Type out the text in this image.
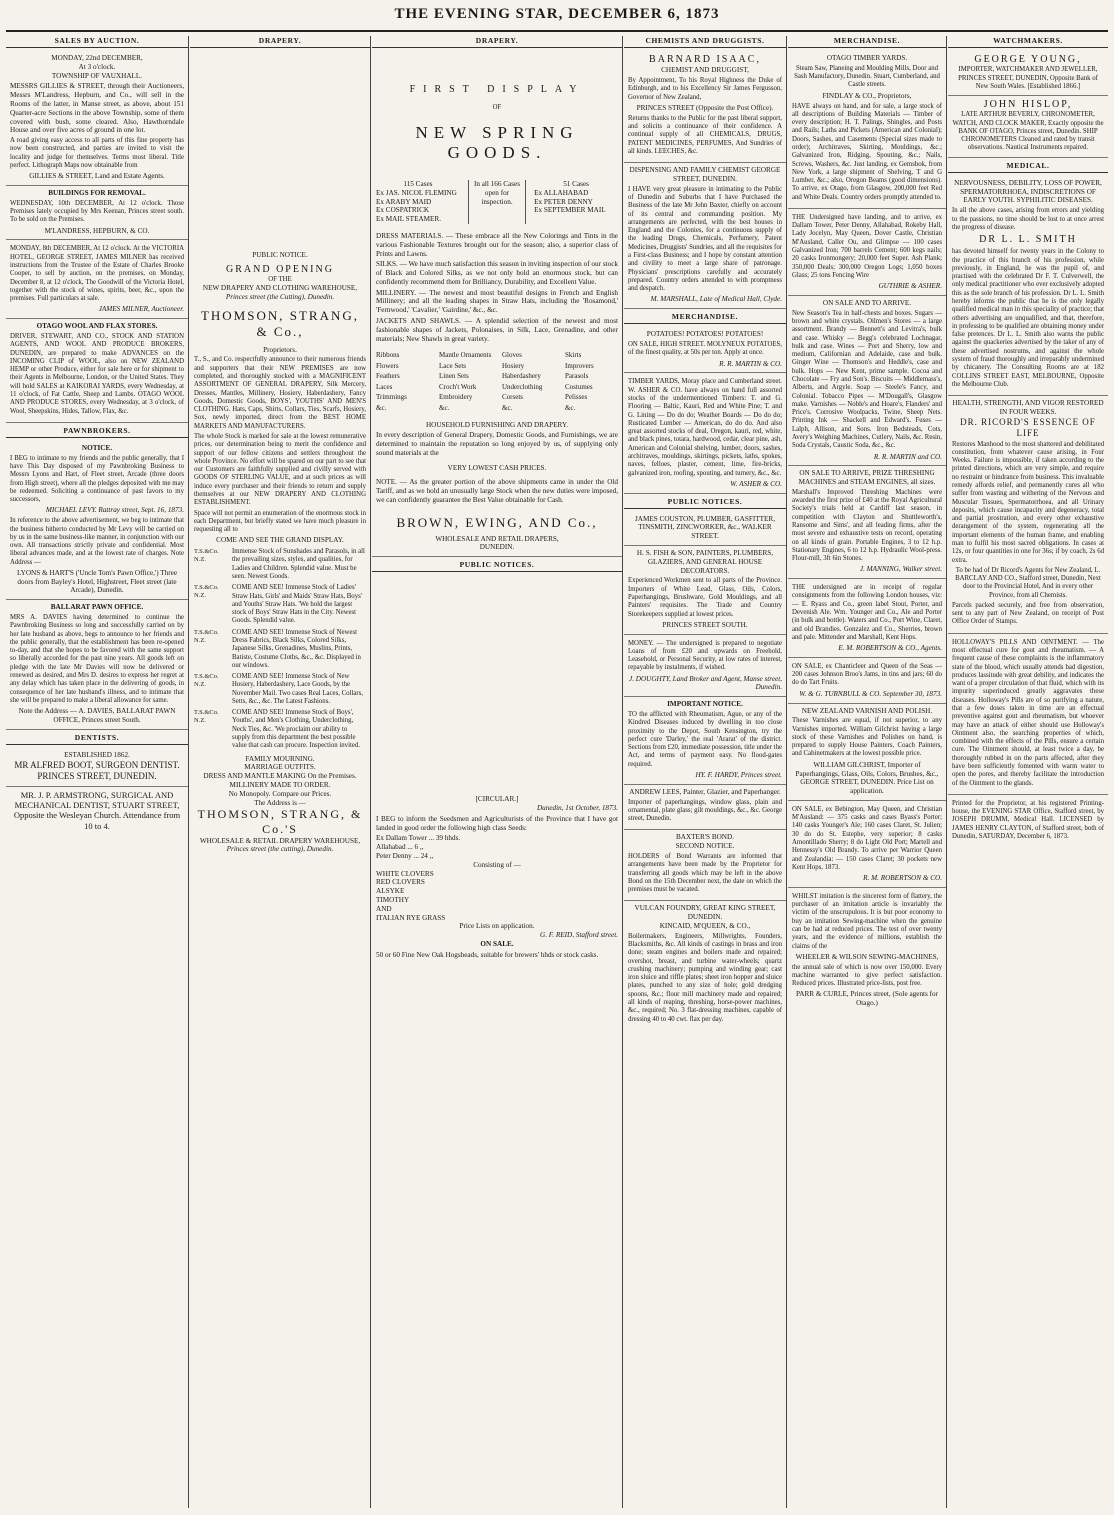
THE EVENING STAR, DECEMBER 6, 1873
SALES BY AUCTION.
MONDAY, 22nd DECEMBER,
At 3 o'clock.
TOWNSHIP OF VAUXHALL.

MESSRS GILLIES & STREET, through their Auctioneers, Messrs M'Landress, Hepburn, and Co., will sell in the Rooms of the latter, in Manse street, as above, about 151 Quarter-acre Sections in the above Township, some of them covered with bush, some cleared. Also, Hawthorndale House and over five acres of ground in one lot.

A road giving easy access to all parts of this fine property has now been constructed, and parties are invited to visit the locality and judge for themselves. Terms most liberal. Title perfect. Lithograph Maps now obtainable from

GILLIES & STREET, Land and Estate Agents.
BUILDINGS FOR REMOVAL.

WEDNESDAY, 10th DECEMBER, At 12 o'clock. Those Premises lately occupied by Mrs Keenan, Princes street south. To be sold on the Premises.

M'LANDRESS, HEPBURN, & CO.

MONDAY, 8th DECEMBER, At 12 o'clock. At the VICTORIA HOTEL, GEORGE STREET, JAMES MILNER has received instructions from the Trustee of the Estate of Charles Brooke Cooper, to sell by auction, on the premises, on Monday, December 8, at 12 o'clock, The Goodwill of the Victoria Hotel, together with the stock of wines, spirits, beer, &c., upon the premises. Full particulars at sale.

JAMES MILNER, Auctioneer.
OTAGO WOOL AND FLAX STORES.

DRIVER, STEWART, AND CO., STOCK AND STATION AGENTS, AND WOOL AND PRODUCE BROKERS, DUNEDIN, are prepared to make ADVANCES on the INCOMING CLIP of WOOL, also on NEW ZEALAND HEMP or other Produce, either for sale here or for shipment to their Agents in Melbourne, London, or the United States. They will hold SALES at KAIKORAI YARDS, every Wednesday, at 11 o'clock, of Fat Cattle, Sheep and Lambs. OTAGO WOOL AND PRODUCE STORES, every Wednesday, at 3 o'clock, of Wool, Sheepskins, Hides, Tallow, Flax, &c.

PAWNBROKERS.
NOTICE.

I BEG to intimate to my friends and the public generally, that I have This Day disposed of my Pawnbroking Business to Messrs Lyons and Hart, of Fleet street, Arcade (three doors from High street), where all the pledges deposited with me may be redeemed. Soliciting a continuance of past favors to my successors,

MICHAEL LEVY. Rattray street, Sept. 16, 1873.

In reference to the above advertisement, we beg to intimate that the business hitherto conducted by Mr Levy will be carried on by us in the same business-like manner, in conjunction with our own. All transactions strictly private and confidential. Most liberal advances made, and at the lowest rate of charges. Note Address —

LYONS & HART'S ('Uncle Tom's Pawn Office,') Three doors from Bayley's Hotel, Highstreet, Fleet street (late Arcade), Dunedin.
BALLARAT PAWN OFFICE.

MRS A. DAVIES having determined to continue the Pawnbroking Business so long and successfully carried on by her late husband as above, begs to announce to her friends and the public generally, that the establishment has been re-opened to-day, and that she hopes to be favored with the same support so liberally accorded for the past nine years. All goods left on pledge with the late Mr Davies will now be delivered or renewed as desired, and Mrs D. desires to express her regret at any delay which has taken place in the delivering of goods, in consequence of her late husband's illness, and to intimate that she will be prepared to make a liberal allowance for same.

Note the Address — A. DAVIES, BALLARAT PAWN OFFICE, Princes street South.
DENTISTS.
ESTABLISHED 1862.
MR ALFRED BOOT, SURGEON DENTIST. PRINCES STREET, DUNEDIN.
MR. J. P. ARMSTRONG, SURGICAL AND MECHANICAL DENTIST, STUART STREET, Opposite the Wesleyan Church. Attendance from 10 to 4.
DRAPERY.
PUBLIC NOTICE.
GRAND OPENING
OF THE
NEW DRAPERY AND CLOTHING WAREHOUSE,
Princes street (the Cutting), Dunedin.
THOMSON, STRANG, & Co.,
Proprietors.

T., S., and Co. respectfully announce to their numerous friends and supporters that their NEW PREMISES are now completed, and thoroughly stocked with a MAGNIFICENT ASSORTMENT OF GENERAL DRAPERY, Silk Mercery, Dresses, Mantles, Millinery, Hosiery, Haberdashery, Fancy Goods, Domestic Goods, BOYS', YOUTHS' AND MEN'S CLOTHING. Hats, Caps, Shirts, Collars, Ties, Scarfs, Hosiery, Sox, newly imported, direct from the BEST HOME MARKETS AND MANUFACTURERS.

The whole Stock is marked for sale at the lowest remunerative prices, our determination being to merit the confidence and support of our fellow citizens and settlers throughout the whole Province. No effort will be spared on our part to see that our Customers are faithfully supplied and civilly served with GOODS OF STERLING VALUE, and at such prices as will induce every purchaser and their friends to return and supply themselves at our NEW DRAPERY AND CLOTHING ESTABLISHMENT.

Space will not permit an enumeration of the enormous stock in each Department, but briefly stated we have much pleasure in requesting all to

COME AND SEE THE GRAND DISPLAY.
T.S.&Co. N.Z.
Immense Stock of Sunshades and Parasols, in all the prevailing sizes, styles, and qualities, for Ladies and Children. Splendid value. Must be seen. Newest Goods.
T.S.&Co. N.Z.
COME AND SEE! Immense Stock of Ladies' Straw Hats, Girls' and Maids' Straw Hats, Boys' and Youths' Straw Hats. 'We hold the largest stock of Boys' Straw Hats in the City. Newest Goods. Splendid value.
T.S.&Co. N.Z.
COME AND SEE! Immense Stock of Newest Dress Fabrics, Black Silks, Colored Silks, Japanese Silks, Grenadines, Muslins, Prints, Batiste, Costume Cloths, &c., &c. Displayed in our windows.
T.S.&Co. N.Z.
COME AND SEE! Immense Stock of New Hosiery, Haberdashery, Lace Goods, by the November Mail. Two cases Real Laces, Collars, Setts, &c., &c. The Latest Fashions.
T.S.&Co. N.Z.
COME AND SEE! Immense Stock of Boys', Youths', and Men's Clothing, Underclothing, Neck Ties, &c. 'We proclaim our ability to supply from this department the best possible value that cash can procure. Inspection invited.
FAMILY MOURNING.
MARRIAGE OUTFITS.
DRESS AND MANTLE MAKING On the Premises.
MILLINERY MADE TO ORDER.
No Monopoly. Compare our Prices.
The Address is —
THOMSON, STRANG, & Co.'S
WHOLESALE & RETAIL DRAPERY WAREHOUSE,
Princes street (the cutting), Dunedin.
DRAPERY.
FIRST DISPLAY
OF
NEW SPRING GOODS.
115 Cases
Ex JAS. NICOL FLEMING
Ex ARABY MAID
Ex COSPATRICK
Ex MAIL STEAMER.
In all 166 Cases open for inspection.
51 Cases
Ex ALLAHABAD
Ex PETER DENNY
Ex SEPTEMBER MAIL

DRESS MATERIALS. — These embrace all the New Colorings and Tints in the various Fashionable Textures brought out for the season; also, a superior class of Prints and Lawns.

SILKS. — We have much satisfaction this season in inviting inspection of our stock of Black and Colored Silks, as we not only hold an enormous stock, but can confidently recommend them for Brilliancy, Durability, and Excellent Value.

MILLINERY. — The newest and most beautiful designs in French and English Millinery; and all the leading shapes in Straw Hats, including the 'Rosamond,' 'Fernwood,' 'Cavalier,' 'Gairdine,' &c., &c.

JACKETS AND SHAWLS. — A splendid selection of the newest and most fashionable shapes of Jackets, Polonaises, in Silk, Lace, Grenadine, and other materials; New Shawls in great variety.

Ribbons	Mantle Ornaments Gloves	Skirts
Flowers	Lace Sets	Hosiery	Improvers
Feathers	Linen Sets	Haberdashery	Parasols
Laces	Croch't Work	Underclothing	Costumes
Trimmings	Embroidery	Corsets	Pelisses
&c.	&c.	&c.	&c.
HOUSEHOLD FURNISHING AND DRAPERY.

In every description of General Drapery, Domestic Goods, and Furnishings, we are determined to maintain the reputation so long enjoyed by us, of supplying only sound materials at the

VERY LOWEST CASH PRICES.

NOTE. — As the greater portion of the above shipments came in under the Old Tariff, and as we hold an unusually large Stock when the new duties were imposed, we can confidently guarantee the Best Value obtainable for Cash.

BROWN, EWING, AND Co.,
WHOLESALE AND RETAIL DRAPERS,
DUNEDIN.
PUBLIC NOTICES.
[CIRCULAR.]
Dunedin, 1st October, 1873.

I BEG to inform the Seedsmen and Agriculturists of the Province that I have got landed in good order the following high class Seeds:

Ex Dallam Tower ... 39 hhds.
Allahabad ... 6 ,,
Peter Denny ... 24 ,,
Consisting of —
WHITE CLOVERS
RED CLOVERS
ALSYKE
TIMOTHY
AND
ITALIAN RYE GRASS
Price Lists on application.
G. F. REID, Stafford street.
ON SALE.

50 or 60 Fine New Oak Hogsheads, suitable for brewers' hhds or stock casks.

CHEMISTS AND DRUGGISTS.
BARNARD ISAAC,
CHEMIST AND DRUGGIST,

By Appointment, To his Royal Highness the Duke of Edinburgh, and to his Excellency Sir James Fergusson, Governor of New Zealand,

PRINCES STREET (Opposite the Post Office).

Returns thanks to the Public for the past liberal support, and solicits a continuance of their confidence. A continual supply of all CHEMICALS, DRUGS, PATENT MEDICINES, PERFUMES, And Sundries of all kinds. LEECHES, &c.

DISPENSING AND FAMILY CHEMIST GEORGE STREET, DUNEDIN.

I HAVE very great pleasure in intimating to the Public of Dunedin and Suburbs that I have Purchased the Business of the late Mr John Baxter, chiefly on account of its central and commanding position. My arrangements are perfected, with the best houses in England and the Colonies, for a continuous supply of the leading Drugs, Chemicals, Perfumery, Patent Medicines, Druggists' Sundries, and all the requisites for a First-class Business; and I hope by constant attention and civility to meet a large share of patronage. Physicians' prescriptions carefully and accurately prepared. Country orders attended to with promptness and despatch.

M. MARSHALL, Late of Medical Hall, Clyde.
MERCHANDISE.
POTATOES! POTATOES! POTATOES!

ON SALE, HIGH STREET. MOLYNEUX POTATOES, of the finest quality, at 50s per ton. Apply at once.

R. R. MARTIN & CO.

TIMBER YARDS, Moray place and Cumberland street. W. ASHER & CO. have always on hand full assorted stocks of the undermentioned Timbers: T. and G. Flooring — Baltic, Kauri, Red and White Pine; T. and G. Lining — Do do do; Weather Boards — Do do do; Rusticated Lumber — American, do do do. And also great assorted stocks of deal, Oregon, kauri, red, white, and black pines, totara, hardwood, cedar, clear pine, ash, American and Colonial shelving, lumber, doors, sashes, architraves, mouldings, skirtings, pickets, laths, spokes, naves, felloes, plaster, cement, lime, fire-bricks, galvanized iron, roofing, spouting, and turnery, &c., &c.

W. ASHER & CO.
PUBLIC NOTICES.
JAMES COUSTON, PLUMBER, GASFITTER, TINSMITH, ZINCWORKER, &c., WALKER STREET.
H. S. FISH & SON, PAINTERS, PLUMBERS, GLAZIERS, AND GENERAL HOUSE DECORATORS.

Experienced Workmen sent to all parts of the Province. Importers of White Lead, Glass, Oils, Colors, Paperhangings, Brushware, Gold Mouldings, and all Painters' requisites. The Trade and Country Storekeepers supplied at lowest prices.

PRINCES STREET SOUTH.

MONEY. — The undersigned is prepared to negotiate Loans of from £20 and upwards on Freehold, Leasehold, or Personal Security, at low rates of interest, repayable by instalments, if wished.

J. DOUGHTY, Land Broker and Agent, Manse street, Dunedin.
IMPORTANT NOTICE.

TO the afflicted with Rheumatism, Ague, or any of the Kindred Diseases induced by dwelling in too close proximity to the Depot, South Kensington, try the perfect cure 'Darley,' the real 'Ararat' of the district. Sections from £20, immediate possession, title under the Act, and terms of payment easy. No flood-gates required.

HY. F. HARDY, Princes street.
ANDREW LEES, Painter, Glazier, and Paperhanger.

Importer of paperhangings, window glass, plain and ornamental, plate glass; gilt mouldings, &c., &c. George street, Dunedin.

BAXTER'S BOND.
SECOND NOTICE.

HOLDERS of Bond Warrants are informed that arrangements have been made by the Proprietor for transferring all goods which may be left in the above Bond on the 15th December next, the date on which the premises must be vacated.

VULCAN FOUNDRY, GREAT KING STREET, DUNEDIN.
KINCAID, M'QUEEN, & CO.,

Boilermakers, Engineers, Millwrights, Founders, Blacksmiths, &c. All kinds of castings in brass and iron done; steam engines and boilers made and repaired; overshot, breast, and turbine water-wheels; quartz crushing machinery; pumping and winding gear; cast iron sluice and riffle plates; sheet iron hopper and sluice plates, punched to any size of hole; gold dredging spoons, &c.; flour mill machinery made and repaired; all kinds of reaping, threshing, horse-power machines, &c., required; No. 3 flat-dressing machines, capable of dressing 40 to 40 cwt. flax per day.

MERCHANDISE.
OTAGO TIMBER YARDS.

Steam Saw, Planeing and Moulding Mills, Door and Sash Manufactory, Dunedin. Stuart, Cumberland, and Castle streets.

FINDLAY & CO., Proprietors,

HAVE always on hand, and for sale, a large stock of all descriptions of Building Materials — Timber of every description; H. T. Palings, Shingles, and Posts and Rails; Laths and Pickets (American and Colonial); Doors, Sashes, and Casements (Special sizes made to order); Architraves, Skirting, Mouldings, &c.; Galvanized Iron, Ridging, Spouting, &c.; Nails, Screws, Washers, &c. Just landing, ex Gemsbok, from New York, a large shipment of Shelving, T and G Lumber, &c.; also, Oregon Beams (good dimensions). To arrive, ex Otago, from Glasgow, 200,000 feet Red and White Deals. Country orders promptly attended to.

THE Undersigned have landing, and to arrive, ex Dallam Tower, Peter Denny, Allahabad, Rokeby Hall, Lady Jocelyn, May Queen, Dover Castle, Christian M'Ausland, Caller Ou, and Glimpse — 100 cases Galvanized Iron; 700 barrels Cement; 600 kegs nails; 20 casks Ironmongery; 20,000 feet Super. Ash Plank; 350,000 Deals; 300,000 Oregon Logs; 1,050 boxes Glass; 25 tons Fencing Wire

GUTHRIE & ASHER.
ON SALE AND TO ARRIVE.

New Season's Tea in half-chests and boxes. Sugars — brown and white crystals. Oilmen's Stores — a large assortment. Brandy — Bennett's and Levitra's, bulk and case. Whisky — Begg's celebrated Lochnagar, bulk and case. Wines — Port and Sherry, low and medium, Californian and Adelaide, case and bulk. Ginger Wine — Thomson's and Heddle's, case and bulk. Hops — New Kent, prime sample. Cocoa and Chocolate — Fry and Son's. Biscuits — Middlemass's, Alberts, and Argyle. Soap — Steele's Fancy, and Colonial. Tobacco Pipes — M'Dougall's, Glasgow make. Varnishes — Noble's and Hoare's, Flanders' and Price's. Corrosive Woolpacks, Twine, Sheep Nets. Printing Ink — Shackell and Edward's. Fuses — Lalph, Allison, and Sons. Iron Bedsteads, Cots, Avery's Weighing Machines, Cutlery, Nails, &c. Resin, Soda Crystals, Caustic Soda, &c., &c.

R. R. MARTIN and CO.
ON SALE TO ARRIVE, PRIZE THRESHING MACHINES and STEAM ENGINES, all sizes.

Marshall's Improved Threshing Machines were awarded the first prize of £40 at the Royal Agricultural Society's trials held at Cardiff last season, in competition with Clayton and Shuttleworth's, Ransome and Sims', and all leading firms, after the most severe and exhaustive tests on record, operating on all kinds of grain. Portable Engines, 3 to 12 h.p. Stationary Engines, 6 to 12 h.p. Hydraulic Wool-press. Flour-mill, 3ft 6in Stones.

J. MANNING, Walker street.

THE undersigned are in receipt of regular consignments from the following London houses, viz: — E. Ryass and Co., green label Stout, Porter, and Devenish Ale. Wm. Younger and Co., Ale and Porter (in bulk and bottle). Waters and Co., Port Wine, Claret, and old Brandies. Gonzalez and Co., Sherries, brown and pale. Mittender and Marshall, Kent Hops.

E. M. ROBERTSON & CO., Agents.

ON SALE, ex Chanticleer and Queen of the Seas — 200 cases Johnson Broo's Jams, in tins and jars; 60 do do do Tart Fruits.

W. & G. TURNBULL & CO. September 30, 1873.
NEW ZEALAND VARNISH AND POLISH.

These Varnishes are equal, if not superior, to any Varnishes imported. William Gilchrist having a large stock of these Varnishes and Polishes on hand, is prepared to supply House Painters, Coach Painters, and Cabinetmakers at the lowest possible price.

WILLIAM GILCHRIST, Importer of Paperhangings, Glass, Oils, Colors, Brushes, &c., GEORGE STREET, DUNEDIN. Price List on application.

ON SALE, ex Bebington, May Queen, and Christian M'Ausland: — 375 casks and cases Byass's Porter; 140 casks Younger's Ale; 160 cases Claret, St. Julien; 30 do do St. Estephe, very superior; 8 casks Amontillado Sherry; 8 do Light Old Port; Martell and Hennessy's Old Brandy. To arrive per Warrior Queen and Zealandia: — 150 cases Claret; 30 pockets new Kent Hops, 1873.

R. M. ROBERTSON & CO.

WHILST imitation is the sincerest form of flattery, the purchaser of an imitation article is invariably the victim of the unscrupulous. It is but poor economy to buy an imitation Sewing-machine when the genuine can be had at reduced prices. The test of over twenty years, and the evidence of millions, establish the claims of the

WHEELER & WILSON SEWING-MACHINES,

the annual sale of which is now over 150,000. Every machine warranted to give perfect satisfaction. Reduced prices. Illustrated price-lists, post free.

PARR & CURLE, Princes street, (Sole agents for Otago.)
WATCHMAKERS.
GEORGE YOUNG,
IMPORTER, WATCHMAKER AND JEWELLER, PRINCES STREET, DUNEDIN, Opposite Bank of New South Wales. [Established 1866.]
JOHN HISLOP,
LATE ARTHUR BEVERLY, CHRONOMETER, WATCH, AND CLOCK MAKER, Exactly opposite the BANK OF OTAGO, Princes street, Dunedin. SHIP CHRONOMETERS Cleaned and rated by transit observations. Nautical Instruments repaired.
MEDICAL.
NERVOUSNESS, DEBILITY, LOSS OF POWER, SPERMATORRHOEA, INDISCRETIONS OF EARLY YOUTH. SYPHILITIC DISEASES.

In all the above cases, arising from errors and yielding to the passions, no time should be lost to at once arrest the progress of disease.

DR L. L. SMITH

has devoted himself for twenty years in the Colony to the practice of this branch of his profession, while previously, in England, he was the pupil of, and practised with the celebrated Dr F. T. Culverwell, the only medical practitioner who ever exclusively adopted this as the sole branch of his profession. Dr L. L. Smith hereby informs the public that he is the only legally qualified medical man in this speciality of practice; that others advertising are unqualified, and that, therefore, in professing to be qualified are obtaining money under false pretences. Dr L. L. Smith also warns the public against the quackeries advertised by the taker of any of these advertised nostrums, and against the whole system of fraud thoroughly and irreparably undermined by chicanery. The Consulting Rooms are at 182 COLLINS STREET EAST, MELBOURNE, Opposite the Melbourne Club.

HEALTH, STRENGTH, AND VIGOR RESTORED IN FOUR WEEKS.
DR. RICORD'S ESSENCE OF LIFE

Restores Manhood to the most shattered and debilitated constitution, from whatever cause arising, in Four Weeks. Failure is impossible, if taken according to the printed directions, which are very simple, and require no restraint or hindrance from business. This invaluable remedy affords relief, and permanently cures all who suffer from wasting and withering of the Nervous and Muscular Tissues, Spermatorrhoea, and all Urinary deposits, which cause incapacity and degeneracy, total and partial prostration, and every other exhaustive derangement of the system, regenerating all the important elements of the human frame, and enabling man to fulfil his most sacred obligations. In cases at 12s, or four quantities in one for 36s; if by coach, 2s 6d extra.

To be had of Dr Ricord's Agents for New Zealand, L. BARCLAY AND CO., Stafford street, Dunedin, Next door to the Provincial Hotel, And in every other Province, from all Chemists.

Parcels packed securely, and free from observation, sent to any part of New Zealand, on receipt of Post Office Order of Stamps.

HOLLOWAY'S PILLS AND OINTMENT. — The most effectual cure for gout and rheumatism. — A frequent cause of these complaints is the inflammatory state of the blood, which usually attends bad digestion, produces lassitude with great debility, and indicates the want of a proper circulation of that fluid, which with its impurity superinduced greatly aggravates these diseases. Holloway's Pills are of so purifying a nature, that a few doses taken in time are an effectual preventive against gout and rheumatism, but whoever may have an attack of either should use Holloway's Ointment also, the searching properties of which, combined with the effects of the Pills, ensure a certain cure. The Ointment should, at least twice a day, be thoroughly rubbed in on the parts affected, after they have been sufficiently fomented with warm water to open the pores, and thereby facilitate the introduction of the Ointment to the glands.

Printed for the Proprietor, at his registered Printing-house, the EVENING STAR Office, Stafford street, by JOSEPH DRUMM, Medical Hall. LICENSED by JAMES HENRY CLAYTON, of Stafford street, both of Dunedin, SATURDAY, December 6, 1873.
